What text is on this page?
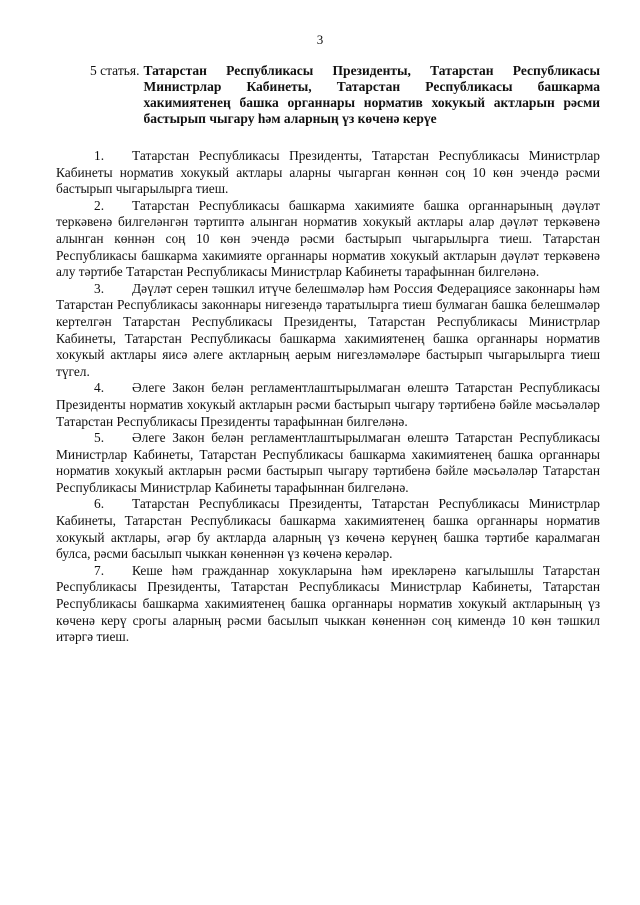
3
5 статья. Татарстан Республикасы Президенты, Татарстан Республикасы Министрлар Кабинеты, Татарстан Республикасы башкарма хакимиятенең башка органнары норматив хокукый актларын рәсми бастырып чыгару һәм аларның үз көченә керүе

1. Татарстан Республикасы Президенты, Татарстан Республикасы Министрлар Кабинеты норматив хокукый актлары аларны чыгарган көннән соң 10 көн эчендә рәсми бастырып чыгарылырга тиеш.

2. Татарстан Республикасы башкарма хакимияте башка органнарының дәүләт теркәвенә билгеләнгән тәртиптә алынган норматив хокукый актлары алар дәүләт теркәвенә алынган көннән соң 10 көн эчендә рәсми бастырып чыгарылырга тиеш. Татарстан Республикасы башкарма хакимияте органнары норматив хокукый актларын дәүләт теркәвенә алу тәртибе Татарстан Республикасы Министрлар Кабинеты тарафыннан билгеләнә.

3. Дәүләт серен тәшкил итүче белешмәләр һәм Россия Федерациясе законнары һәм Татарстан Республикасы законнары нигезендә таратылырга тиеш булмаган башка белешмәләр кертелгән Татарстан Республикасы Президенты, Татарстан Республикасы Министрлар Кабинеты, Татарстан Республикасы башкарма хакимиятенең башка органнары норматив хокукый актлары яисә әлеге актларның аерым нигезләмәләре бастырып чыгарылырга тиеш түгел.

4. Әлеге Закон белән регламентлаштырылмаган өлештә Татарстан Республикасы Президенты норматив хокукый актларын рәсми бастырып чыгару тәртибенә бәйле мәсьәләләр Татарстан Республикасы Президенты тарафыннан билгеләнә.

5. Әлеге Закон белән регламентлаштырылмаган өлештә Татарстан Республикасы Министрлар Кабинеты, Татарстан Республикасы башкарма хакимиятенең башка органнары норматив хокукый актларын рәсми бастырып чыгару тәртибенә бәйле мәсьәләләр Татарстан Республикасы Министрлар Кабинеты тарафыннан билгеләнә.

6. Татарстан Республикасы Президенты, Татарстан Республикасы Министрлар Кабинеты, Татарстан Республикасы башкарма хакимиятенең башка органнары норматив хокукый актлары, әгәр бу актларда аларның үз көченә керүнең башка тәртибе каралмаган булса, рәсми басылып чыккан көненнән үз көченә керәләр.

7. Кеше һәм гражданнар хокукларына һәм ирекләренә кагылышлы Татарстан Республикасы Президенты, Татарстан Республикасы Министрлар Кабинеты, Татарстан Республикасы башкарма хакимиятенең башка органнары норматив хокукый актларының үз көченә керү срогы аларның рәсми басылып чыккан көненнән соң кимендә 10 көн тәшкил итәргә тиеш.
